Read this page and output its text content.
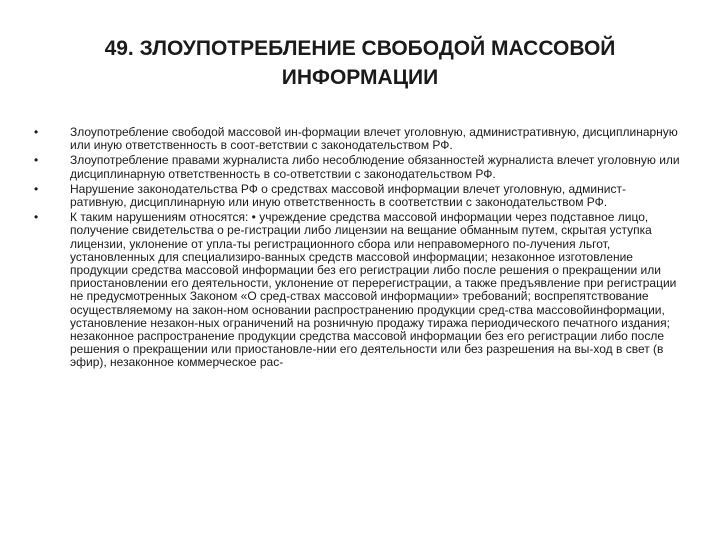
49. ЗЛОУПОТРЕБЛЕНИЕ СВОБОДОЙ МАССОВОЙ ИНФОРМАЦИИ
•	Злоупотребление свободой массовой ин-формации влечет уголовную, административную, дисциплинарную или иную ответственность в соот-ветствии с законодательством РФ.
•	Злоупотребление правами журналиста либо несоблюдение обязанностей журналиста влечет уголовную или дисциплинарную ответственность в со-ответствии с законодательством РФ.
•	Нарушение законодательства РФ о средствах массовой информации влечет уголовную, админист-ративную, дисциплинарную или иную ответственность в соответствии с законодательством РФ.
•	К таким нарушениям относятся: • учреждение средства массовой информации через подставное лицо, получение свидетельства о ре-гистрации либо лицензии на вещание обманным путем, скрытая уступка лицензии, уклонение от упла-ты регистрационного сбора или неправомерного по-лучения льгот, установленных для специализиро-ванных средств массовой информации; незаконное изготовление продукции средства массовой информации без его регистрации либо после решения о прекращении или приостановлении его деятельности, уклонение от перерегистрации, а также предъявление при регистрации не предусмотренных Законом «О сред-ствах массовой информации» требований; воспрепятствование осуществляемому на закон-ном основании распространению продукции сред-ства массовойинформации, установление незакон-ных ограничений на розничную продажу тиража периодического печатного издания; незаконное распространение продукции средства массовой информации без его регистрации либо после решения о прекращении или приостановле-нии его деятельности или без разрешения на вы-ход в свет (в эфир), незаконное коммерческое рас-
